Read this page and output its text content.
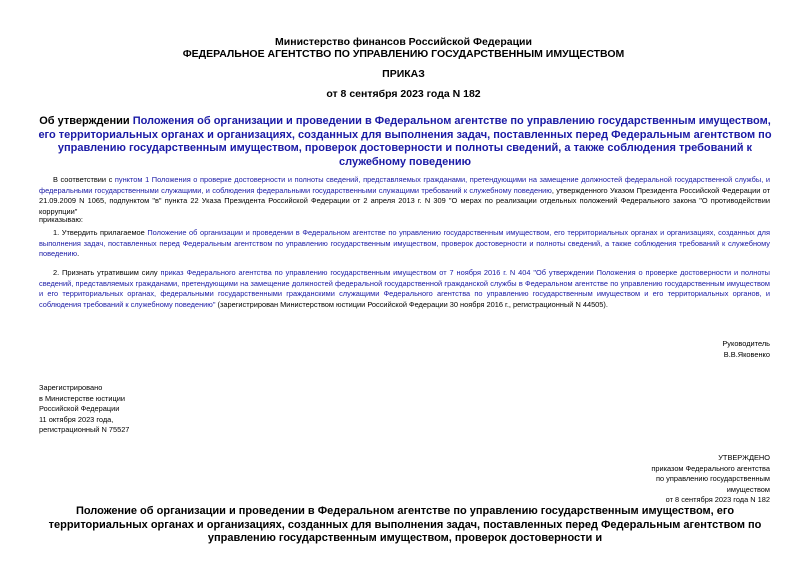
Министерство финансов Российской Федерации
ФЕДЕРАЛЬНОЕ АГЕНТСТВО ПО УПРАВЛЕНИЮ ГОСУДАРСТВЕННЫМ ИМУЩЕСТВОМ
ПРИКАЗ
от 8 сентября 2023 года N 182
Об утверждении Положения об организации и проведении в Федеральном агентстве по управлению государственным имуществом, его территориальных органах и организациях, созданных для выполнения задач, поставленных перед Федеральным агентством по управлению государственным имуществом, проверок достоверности и полноты сведений, а также соблюдения требований к служебному поведению
В соответствии с пунктом 1 Положения о проверке достоверности и полноты сведений, представляемых гражданами, претендующими на замещение должностей федеральной государственной службы, и федеральными государственными служащими, и соблюдения федеральными государственными служащими требований к служебному поведению, утвержденного Указом Президента Российской Федерации от 21.09.2009 N 1065, подпунктом "в" пункта 22 Указа Президента Российской Федерации от 2 апреля 2013 г. N 309 "О мерах по реализации отдельных положений Федерального закона "О противодействии коррупции"
приказываю:
1. Утвердить прилагаемое Положение об организации и проведении в Федеральном агентстве по управлению государственным имуществом, его территориальных органах и организациях, созданных для выполнения задач, поставленных перед Федеральным агентством по управлению государственным имуществом, проверок достоверности и полноты сведений, а также соблюдения требований к служебному поведению.
2. Признать утратившим силу приказ Федерального агентства по управлению государственным имуществом от 7 ноября 2016 г. N 404 "Об утверждении Положения о проверке достоверности и полноты сведений, представляемых гражданами, претендующими на замещение должностей федеральной государственной гражданской службы в Федеральном агентстве по управлению государственным имуществом и его территориальных органах, федеральными государственными гражданскими служащими Федерального агентства по управлению государственным имуществом и его территориальных органов, и соблюдения требований к служебному поведению" (зарегистрирован Министерством юстиции Российской Федерации 30 ноября 2016 г., регистрационный N 44505).
Руководитель
В.В.Яковенко
Зарегистрировано
в Министерстве юстиции
Российской Федерации
11 октября 2023 года,
регистрационный N 75527
УТВЕРЖДЕНО
приказом Федерального агентства
по управлению государственным
имуществом
от 8 сентября 2023 года N 182
Положение об организации и проведении в Федеральном агентстве по управлению государственным имуществом, его территориальных органах и организациях, созданных для выполнения задач, поставленных перед Федеральным агентством по управлению государственным имуществом, проверок достоверности и
